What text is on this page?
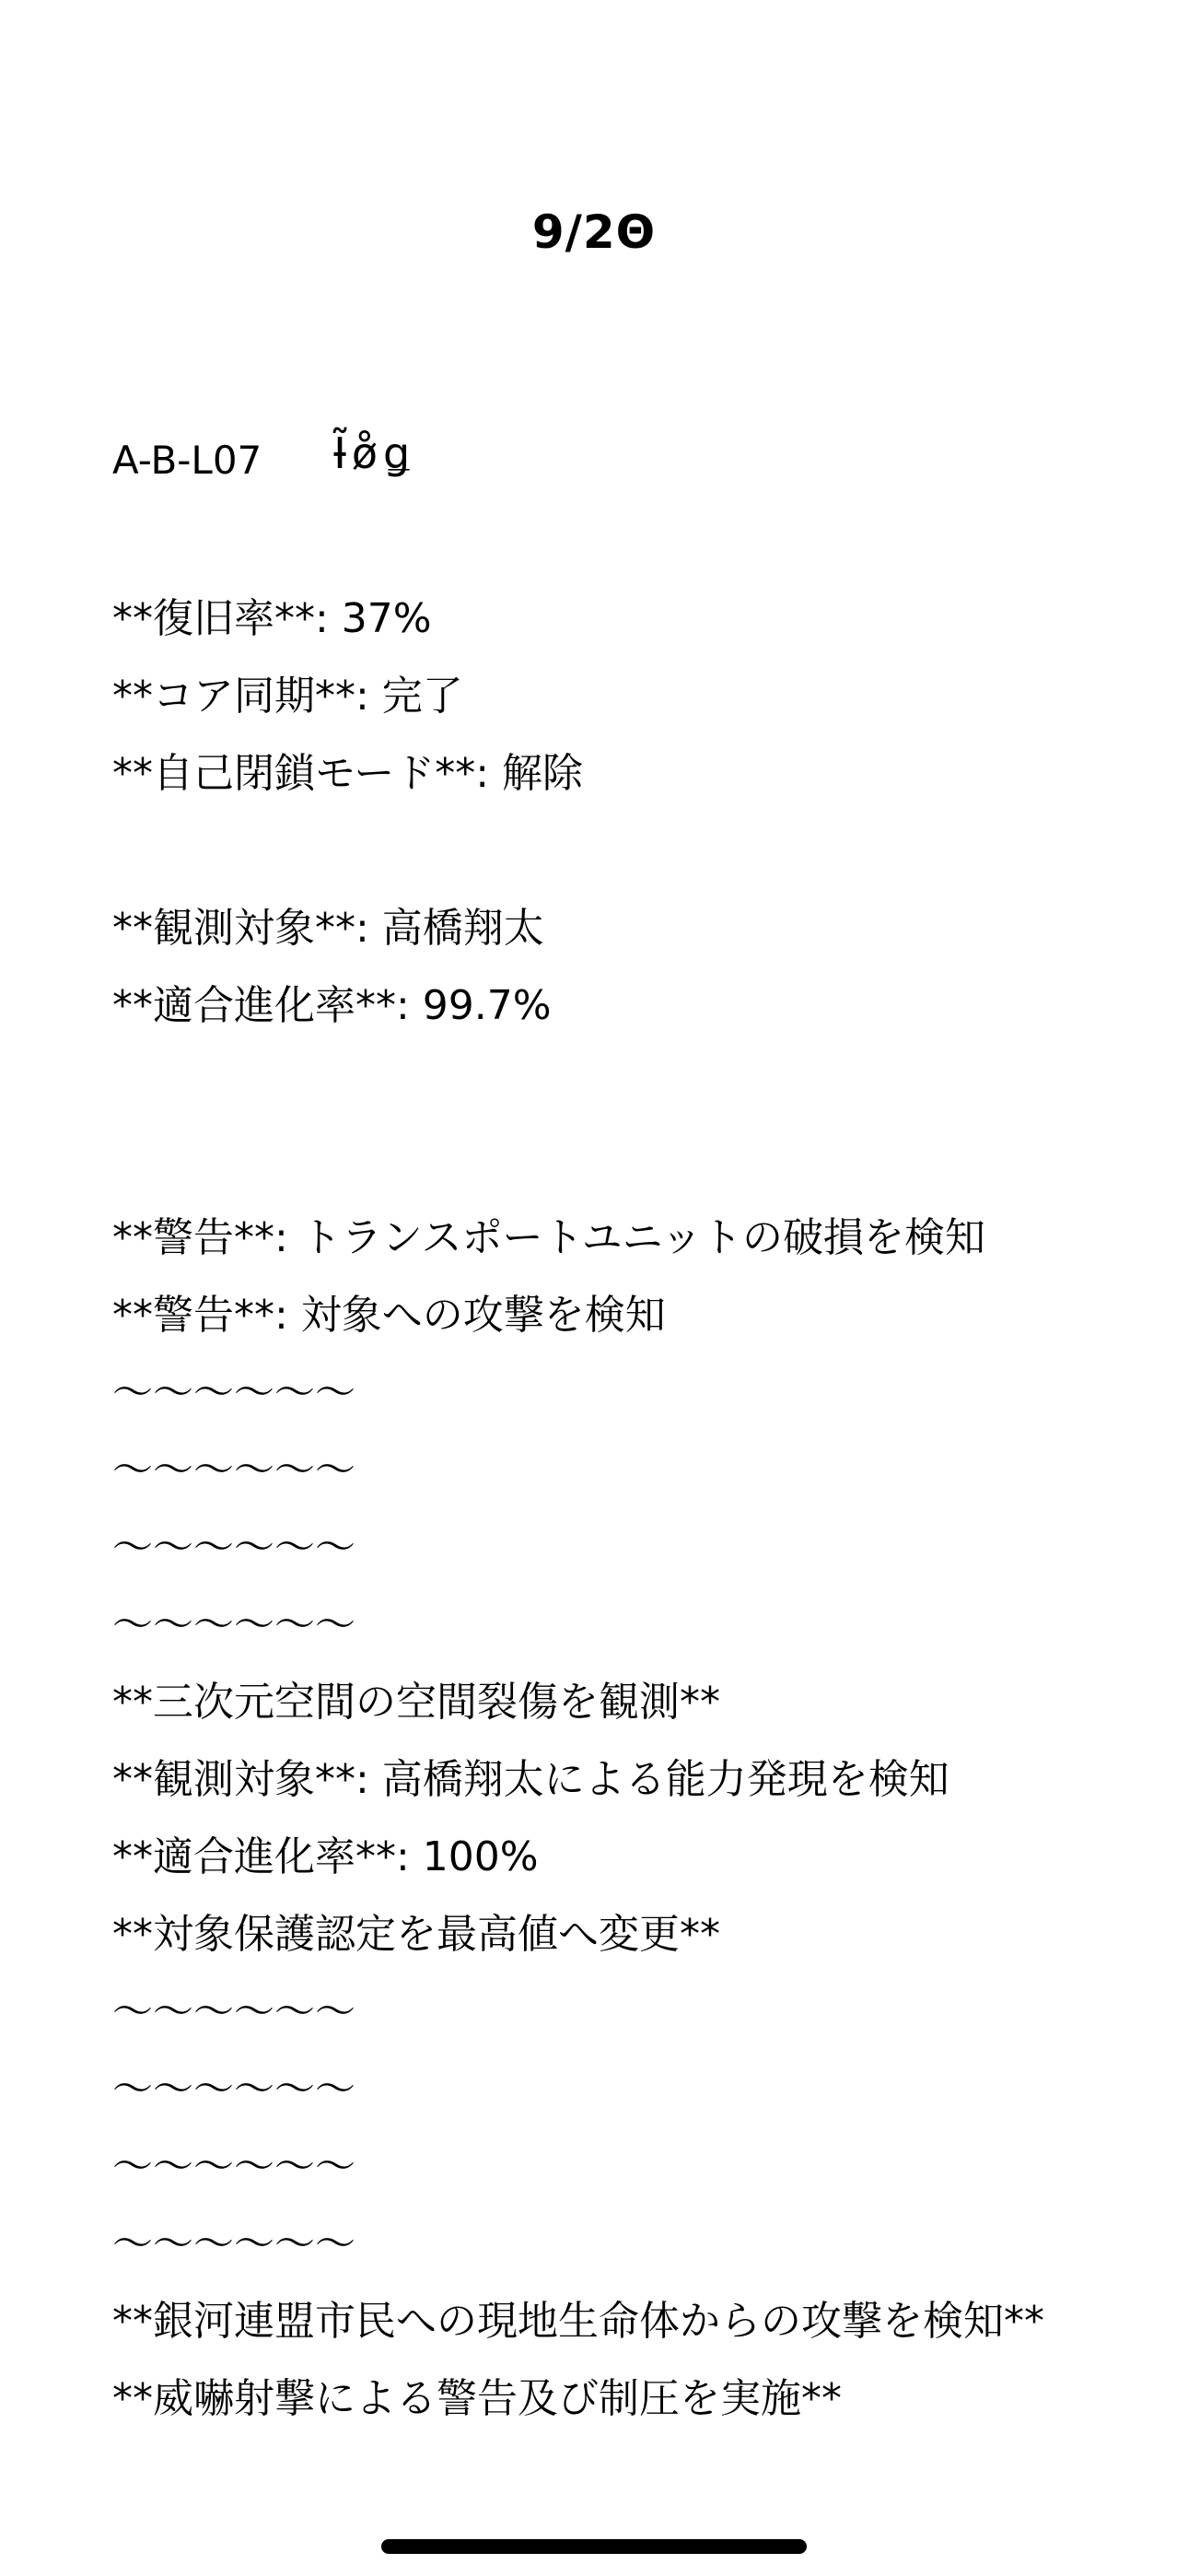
9/2Θ
A-B-L07 Ɨ̃ø̊ǥ
**復旧率**: 37%
**コア同期**: 完了
**自己閉鎖モード**: 解除
**観測対象**: 高橋翔太
**適合進化率**: 99.7%
**警告**: トランスポートユニットの破損を検知
**警告**: 対象への攻撃を検知
〜〜〜〜〜〜
〜〜〜〜〜〜
〜〜〜〜〜〜
〜〜〜〜〜〜
**三次元空間の空間裂傷を観測**
**観測対象**: 高橋翔太による能力発現を検知
**適合進化率**: 100%
**対象保護認定を最高値へ変更**
〜〜〜〜〜〜
〜〜〜〜〜〜
〜〜〜〜〜〜
〜〜〜〜〜〜
**銀河連盟市民への現地生命体からの攻撃を検知**
**威嚇射撃による警告及び制圧を実施**
